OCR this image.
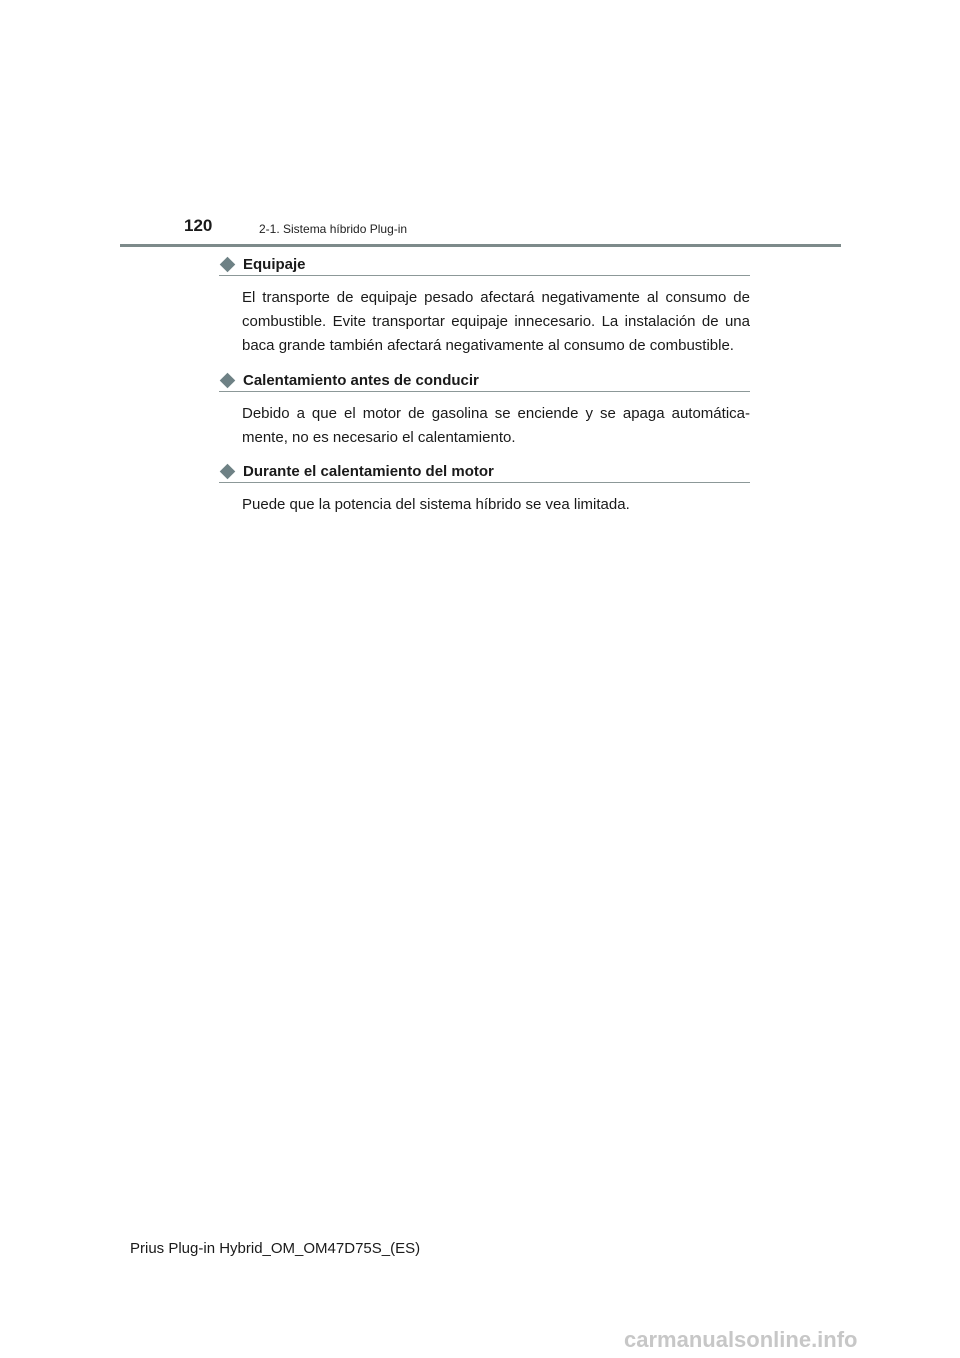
120	2-1. Sistema híbrido Plug-in
Equipaje

El transporte de equipaje pesado afectará negativamente al consumo de combustible. Evite transportar equipaje innecesario. La instalación de una baca grande también afectará negativamente al consumo de combustible.

Calentamiento antes de conducir

Debido a que el motor de gasolina se enciende y se apaga automática- mente, no es necesario el calentamiento.

Durante el calentamiento del motor

Puede que la potencia del sistema híbrido se vea limitada.

Prius Plug-in Hybrid_OM_OM47D75S_(ES)
carmanualsonline.info
